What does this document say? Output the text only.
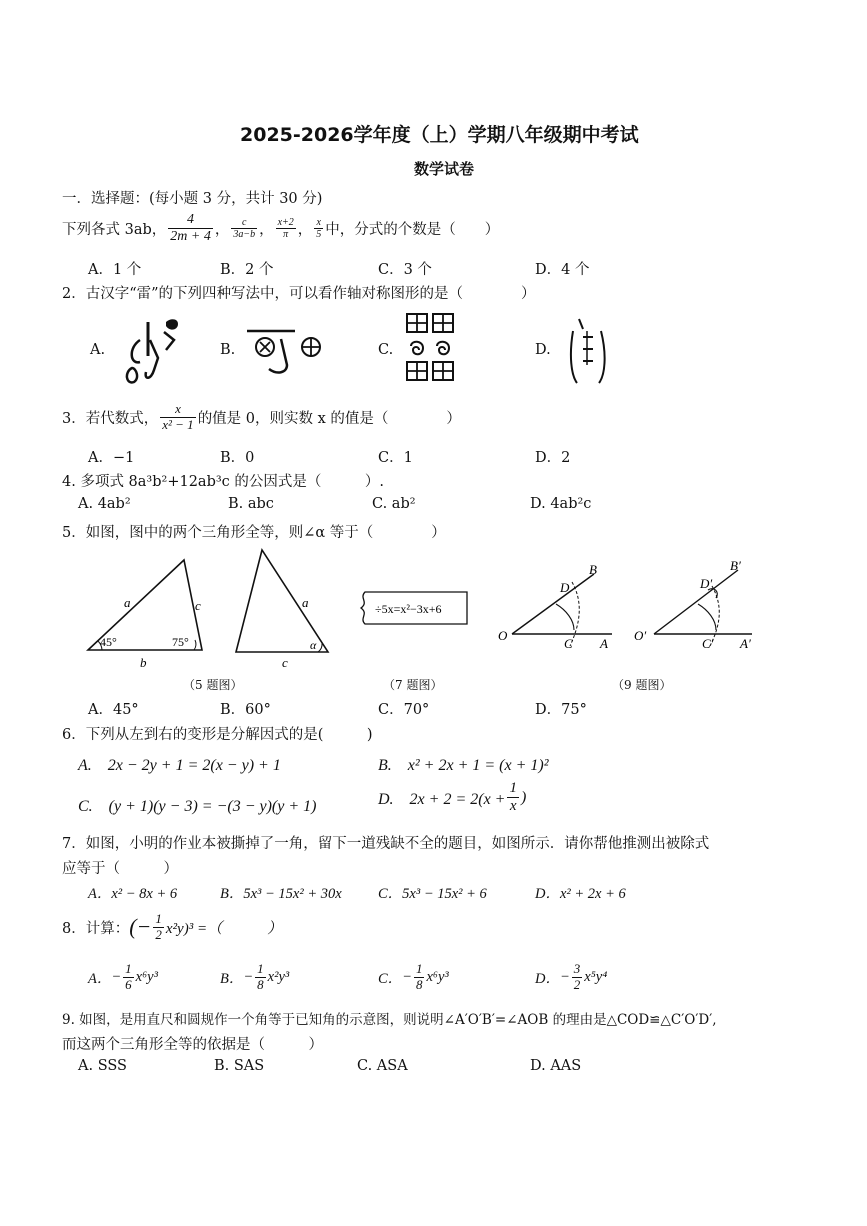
2025-2026学年度（上）学期八年级期中考试
数学试卷
一．选择题：(每小题 3 分，共计 30 分)
下列各式 3ab， $\frac{4}{2m + 4}$ ， $\frac{c}{3a-b}$ ， $\frac{x+2}{\pi}$ ， $\frac{x}{5}$ 中，分式的个数是（　　）
A．1 个	B．2 个	C．3 个	D．4 个
2．古汉字“雷”的下列四种写法中，可以看作轴对称图形的是（　　　　）
A.	B.	C.	D.
3．若代数式， $\frac{x}{\text{x² − 1}}$ 的值是 0，则实数 x 的值是（　　　　）
A．−1	B．0	C．1	D．2
4. 多项式 8a³b²+12ab³c 的公因式是（　　　）.
A. 4ab²	B. abc	C. ab²	D. 4ab²c
5．如图，图中的两个三角形全等，则∠α 等于（　　　　）
a	c
b
45°	75°
a
c
α
÷5x=x²−3x+6
O
D
B
C A
O′
D′
B′
C′ A′
（5 题图）	（7 题图）	（9 题图）
A．45°	B．60°	C．70°	D．75°
6．下列从左到右的变形是分解因式的是(　　　)
A.　2x − 2y + 1 = 2(x − y) + 1	B.　x² + 2x + 1 = (x + 1)²
C.　(y + 1)(y − 3) = −(3 − y)(y + 1)	D.　$2x + 2 = 2(x + \frac{1}{x}$ )
7．如图，小明的作业本被撕掉了一角，留下一道残缺不全的题目，如图所示．请你帮他推测出被除式
应等于（　　　）
A．x² − 8x + 6	B．5x³ − 15x² + 30x	C．5x³ − 15x² + 6	D．x² + 2x + 6
8．计算： (− $\frac{1}{2} x^2y)^3$ =（　　　）
A． − $\frac{1}{6} x^6y^3$	B． − $\frac{1}{8} x^2y^3$	C． − $\frac{1}{8} x^6y^3$	D． − $\frac{3}{2} x^5y^4$
9. 如图，是用直尺和圆规作一个角等于已知角的示意图，则说明∠A′O′B′=∠AOB 的理由是△COD≌△C′O′D′,
而这两个三角形全等的依据是（　　　）
A. SSS	B. SAS	C. ASA	D. AAS
